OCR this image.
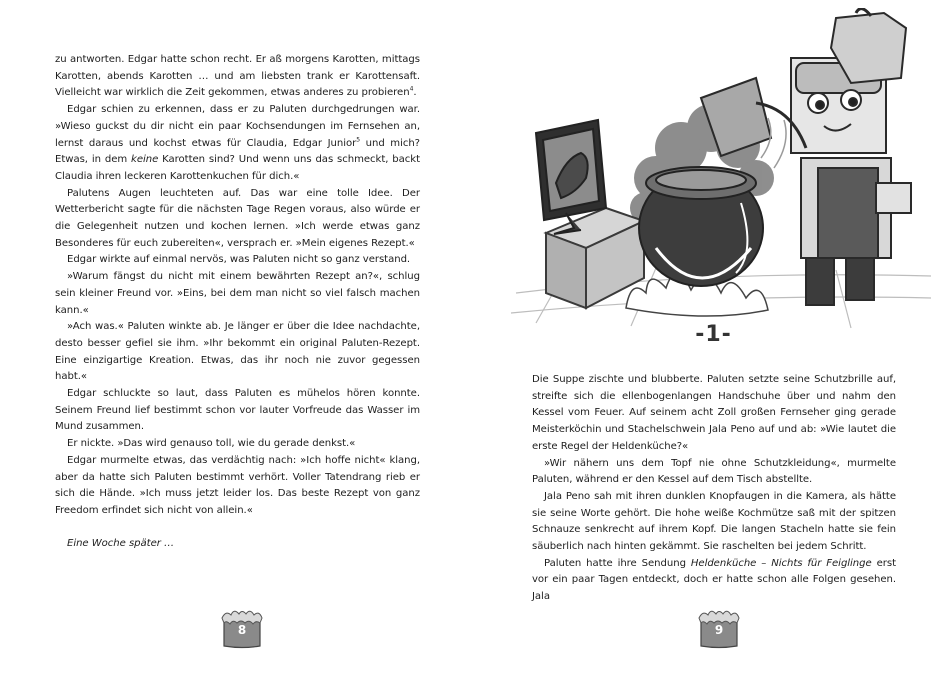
zu antworten. Edgar hatte schon recht. Er aß morgens Karotten, mittags Karotten, abends Karotten … und am liebsten trank er Karottensaft. Vielleicht war wirklich die Zeit gekommen, etwas anderes zu probieren$^4$.

Edgar schien zu erkennen, dass er zu Paluten durchgedrungen war. »Wieso guckst du dir nicht ein paar Kochsendungen im Fernsehen an, lernst daraus und kochst etwas für Claudia, Edgar Junior$^5$ und mich? Etwas, in dem keine Karotten sind? Und wenn uns das schmeckt, backt Claudia ihren leckeren Karottenkuchen für dich.«

Palutens Augen leuchteten auf. Das war eine tolle Idee. Der Wetterbericht sagte für die nächsten Tage Regen voraus, also würde er die Gelegenheit nutzen und kochen lernen. »Ich werde etwas ganz Besonderes für euch zubereiten«, versprach er. »Mein eigenes Rezept.«

Edgar wirkte auf einmal nervös, was Paluten nicht so ganz verstand.

»Warum fängst du nicht mit einem bewährten Rezept an?«, schlug sein kleiner Freund vor. »Eins, bei dem man nicht so viel falsch machen kann.«

»Ach was.« Paluten winkte ab. Je länger er über die Idee nachdachte, desto besser gefiel sie ihm. »Ihr bekommt ein original Paluten-Rezept. Eine einzigartige Kreation. Etwas, das ihr noch nie zuvor gegessen habt.«

Edgar schluckte so laut, dass Paluten es mühelos hören konnte. Seinem Freund lief bestimmt schon vor lauter Vorfreude das Wasser im Mund zusammen.

Er nickte. »Das wird genauso toll, wie du gerade denkst.«

Edgar murmelte etwas, das verdächtig nach: »Ich hoffe nicht« klang, aber da hatte sich Paluten bestimmt verhört. Voller Tatendrang rieb er sich die Hände. »Ich muss jetzt leider los. Das beste Rezept von ganz Freedom erfindet sich nicht von allein.«

Eine Woche später …

8
-1-

Die Suppe zischte und blubberte. Paluten setzte seine Schutzbrille auf, streifte sich die ellenbogenlangen Handschuhe über und nahm den Kessel vom Feuer. Auf seinem acht Zoll großen Fernseher ging gerade Meisterköchin und Stachelschwein Jala Peno auf und ab: »Wie lautet die erste Regel der Heldenküche?«

»Wir nähern uns dem Topf nie ohne Schutzkleidung«, murmelte Paluten, während er den Kessel auf dem Tisch abstellte.

Jala Peno sah mit ihren dunklen Knopfaugen in die Kamera, als hätte sie seine Worte gehört. Die hohe weiße Kochmütze saß mit der spitzen Schnauze senkrecht auf ihrem Kopf. Die langen Stacheln hatte sie fein säuberlich nach hinten gekämmt. Sie raschelten bei jedem Schritt.

Paluten hatte ihre Sendung Heldenküche – Nichts für Feiglinge erst vor ein paar Tagen entdeckt, doch er hatte schon alle Folgen gesehen. Jala

9
